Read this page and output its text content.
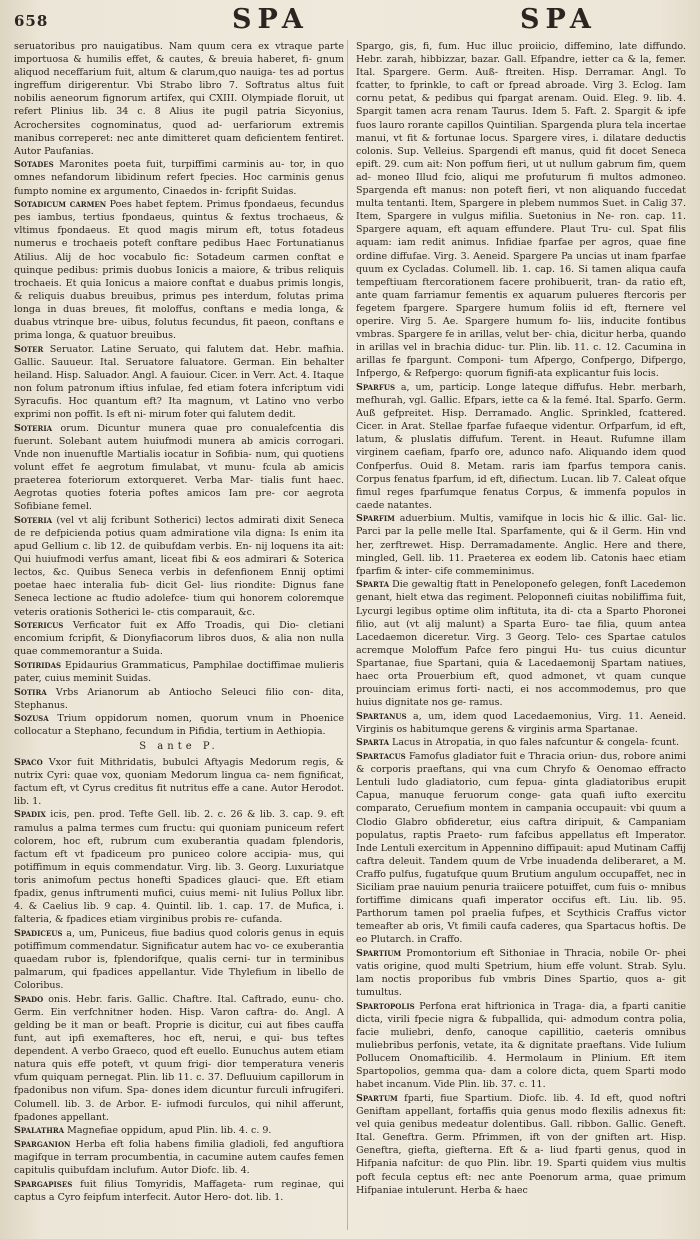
658	SPA	SPA

seruatoribus pro nauigatibus. Nam quum cera ex vtraque parte importuosa & humilis effet, & cautes, & breuia haberet, fi- gnum aliquod neceffarium fuit, altum & clarum,quo nauiga- tes ad portus ingreffum dirigerentur. Vbi Strabo libro 7. Softratus altus fuit nobilis aeneorum fignorum artifex, qui CXIII. Olympiade floruit, ut refert Plinius lib. 34 c. 8 Alius ite pugil patria Sicyonius, Acrochersites cognominatus, quod ad- uerfariorum extremis manibus correperet: nec ante dimitteret quam deficientem fentiret. Autor Paufanias.

Sotades Maronites poeta fuit, turpiffimi carminis au- tor, in quo omnes nefandorum libidinum refert fpecies. Hoc carminis genus fumpto nomine ex argumento, Cinaedos in- fcripfit Suidas.

Sotadicum carmen Poes habet feptem. Primus fpondaeus, fecundus pes iambus, tertius fpondaeus, quintus & fextus trochaeus, & vltimus fpondaeus. Et quod magis mirum eft, totus fotadeus numerus e trochaeis poteft conftare pedibus Haec Fortunatianus Atilius. Alij de hoc vocabulo fic: Sotadeum carmen conftat e quinque pedibus: primis duobus Ionicis a maiore, & tribus reliquis trochaeis. Et quia Ionicus a maiore conftat e duabus primis longis, & reliquis duabus breuibus, primus pes interdum, folutas prima longa in duas breues, fit moloffus, conftans e media longa, & duabus vtrinque bre- uibus, folutus fecundus, fit paeon, conftans e prima longa, & quatuor breuibus.

Soter Seruator. Latine Seruato, qui falutem dat. Hebr. mafhia. Gallic. Sauueur. Ital. Seruatore faluatore. German. Ein behalter heiland. Hisp. Saluador. Angl. A fauiour. Cicer. in Verr. Act. 4. Itaque non folum patronum iftius infulae, fed etiam foterа infcriptum vidi Syracufis. Hoc quantum eft? Ita magnum, vt Latino vno verbo exprimi non poffit. Is eft ni- mirum foter qui falutem dedit.

Soteria orum. Dicuntur munera quae pro conualefcentia dis fuerunt. Solebant autem huiufmodi munera ab amicis corrogari. Vnde non inuenuftle Martialis iocatur in Sofibia- num, qui quotiens volunt effet fe aegrotum fimulabat, vt munu- fcula ab amicis praeterea foteriorum extorqueret. Verba Mar- tialis funt haec. Aegrotas quoties foteria poftes amicos Iam pre- cor aegrota Sofibiane femel.

Soteria (vel vt alij fcribunt Sotherici) lectos admirati dixit Seneca de re defpicienda potius quam admiratione vila digna: Is enim ita apud Gellium c. lib 12. de quibufdam verbis. En- nij loquens ita ait: Qui huiufmodi verfus amant, liceat fibi & eos admirari & Soterica lectos, &c. Quibus Seneca verbis in defenfionem Ennij optimi poetae haec interalia fub- dicit Gel- lius riondite: Dignus fane Seneca lectione ac ftudio adolefce- tium qui honorem coloremque veteris orationis Sotherici le- ctis comparauit, &c.

Sotericus Verficator fuit ex Affo Troadis, qui Dio- cletiani encomium fcripfit, & Dionyfiacorum libros duos, & alia non nulla quae commemorantur a Suida.

Sotiridas Epidaurius Grammaticus, Pamphilae doctiffimae mulieris pater, cuius meminit Suidas.

Sotira Vrbs Arianorum ab Antiocho Seleuci filio con- dita, Stephanus.

Sozusa Trium oppidorum nomen, quorum vnum in Phoenice collocatur a Stephano, fecundum in Pifidia, tertium in Aethiopia.

S ante P.

Spaco Vxor fuit Mithridatis, bubulci Aftyagis Medorum regis, & nutrix Cyri: quae vox, quoniam Medorum lingua ca- nem fignificat, factum eft, vt Cyrus creditus fit nutritus effe a cane. Autor Herodot. lib. 1.

Spadix icis, pen. prod. Tefte Gell. lib. 2. c. 26 & lib. 3. cap. 9. eft ramulus a palma termes cum fructu: qui quoniam puniceum refert colorem, hoc eft, rubrum cum exuberantia quadam fplendoris, factum eft vt fpadiceum pro puniceo colore accipia- mus, qui potiffimum in equis commendatur. Virg. lib. 3. Georg. Luxuriatque toris animofum pectus honefti Spadices glauci- que. Eft etiam fpadix, genus inftrumenti mufici, cuius memi- nit Iulius Pollux libr. 4. & Caelius lib. 9 cap. 4. Quintil. lib. 1. cap. 17. de Mufica, i. falteria, & fpadices etiam virginibus probis re- cufanda.

Spadiceus a, um, Puniceus, fiue badius quod coloris genus in equis potiffimum commendatur. Significatur autem hac vo- ce exuberantia quaedam rubor is, fplendorifque, qualis cerni- tur in terminibus palmarum, qui fpadices appellantur. Vide Thylefium in libello de Coloribus.

Spado onis. Hebr. faris. Gallic. Chaftre. Ital. Caftrado, eunu- cho. Germ. Ein verfchnitner hoden. Hisp. Varon caftra- do. Angl. A gelding be it man or beaft. Proprie is dicitur, cui aut fibes cauffa funt, aut ipfi exemafteres, hoc eft, nerui, e qui- bus teftes dependent. A verbo Graeco, quod eft euello. Eunuchus autem etiam natura quis effe poteft, vt quum frigi- dior temperatura veneris vfum quiquam pernegat. Plin. lib 11. c. 37. Defluuium capillorum in fpadonibus non vifum. Spa- dones idem dicuntur furculi infrugiferi. Columell. lib. 3. de Arbor. E- iufmodi furculos, qui nihil afferunt, fpadones appellant.

Spalathra Magnefiae oppidum, apud Plin. lib. 4. c. 9.

Sparganion Herba eft folia habens fimilia gladioli, fed anguftiora magifque in terram procumbentia, in cacumine autem caufes femen capitulis quibufdam inclufum. Autor Diofc. lib. 4.

Spargapises fuit filius Tomyridis, Maffageta- rum reginae, qui captus a Cyro feipfum interfecit. Autor Hero- dot. lib. 1.

Spargo, gis, fi, fum. Huc illuc proiicio, diffemino, late diffundo. Hebr. zarah, hibbizzar, bazar. Gall. Efpandre, ietter ca & la, femer. Ital. Spargere. Germ. Auß- ftreiten. Hisp. Derramar. Angl. To fcatter, to fprinkle, to caft or fpread abroade. Virg 3. Eclog. Iam cornu petat, & pedibus qui fpargat arenam. Ouid. Eleg. 9. lib. 4. Spargit tamen acra renam Taurus. Idem 5. Faft. 2. Spargit & ipfe fuos lauro rorante capillos Quintilian. Spargenda plura tela incertae manui, vt fit & fortunae locus. Spargere vires, i. dilatare deductis colonis. Sup. Velleius. Spargendi eft manus, quid fit docet Seneca epift. 29. cum ait: Non poffum fieri, ut ut nullum gabrum fim, quem ad- moneo Illud fcio, aliqui me profuturum fi multos admoneo. Spargenda eft manus: non poteft fieri, vt non aliquando fuccedat multa tentanti. Item, Spargere in plebem nummos Suet. in Calig 37. Item, Spargere in vulgus mifilia. Suetonius in Ne- ron. cap. 11. Spargere aquam, eft aquam effundere. Plaut Tru- cul. Spat filis aquam: iam redit animus. Infidiae fparfae per agros, quae fine ordine diffufae. Virg. 3. Aeneid. Spargere Pa uncias ut inam fparfae quum ex Cycladas. Columell. lib. 1. cap. 16. Si tamen aliqua caufa tempeftiuam ftercorationem facere prohibuerit, tran- da ratio eft, ante quam farriamur fementis ex aquarum pulueres ftercoris per fegetem fpargere. Spargere humum foliis id eft, fternere vel operire. Virg 5. Ae. Spargere humum fo- liis, inducite fontibus vmbras. Spargere fe in arillas, velut ber- chia, dicitur herba, quando in arillas vel in brachia diduc- tur. Plin. lib. 11. c. 12. Cacumina in arillas fe fpargunt. Componi- tum Afpergo, Confpergo, Difpergo, Infpergo, & Refpergo: quorum fignifi-ata explicantur fuis locis.

Sparfus a, um, particip. Longe lateque diffufus. Hebr. merbarh, mefhurah, vgl. Gallic. Efpars, iette ca & la femé. Ital. Sparfo. Germ. Auß gefpreitet. Hisp. Derramado. Anglic. Sprinkled, fcattered. Cicer. in Arat. Stellae fparfae fufaeque videntur. Orfparfum, id eft, latum, & pluslatis diffufum. Terent. in Heaut. Rufumne illam virginem caefiam, fparfo ore, adunco nafo. Aliquando idem quod Confperfus. Ouid 8. Metam. raris iam fparfus tempora canis. Corpus fenatus fparfum, id eft, difiectum. Lucan. lib 7. Caleat ofque fimul reges fparfumque fenatus Corpus, & immenfa populos in caede natantes.

Sparfim aduerbium. Multis, vamifque in locis hic & illic. Gal- lic. Parci par la pelle melle Ital. Sparfamente, qui & il Germ. Hin vnd her, zerftrewet. Hisp. Derramadamente. Anglic. Here and there, mingled, Gell. lib. 11. Praeterea ex eodem lib. Catonis haec etiam fparfim & inter- cife commeminimus.

Sparta Die gewaltig ftatt in Peneloponefo gelegen, fonft Lacedemon genant, hielt etwa das regiment. Peloponnefi ciuitas nobiliffima fuit, Lycurgi legibus optime olim inftituta, ita di- cta a Sparto Phoronei filio, aut (vt alij malunt) a Sparta Euro- tae filia, quum antea Lacedaemon diceretur. Virg. 3 Georg. Telo- ces Spartae catulos acremque Moloffum Pafce fero pingui Hu- tus cuius dicuntur Spartanae, fiue Spartani, quia & Lacedaemonij Spartam natiues, haec orta Prouerbium eft, quod admonet, vt quam cunque prouinciam erimus forti- nacti, ei nos accommodemus, pro que huius dignitate nos ge- ramus.

Spartanus a, um, idem quod Lacedaemonius, Virg. 11. Aeneid. Virginis os habitumque gerens & virginis arma Spartanae.

Sparta Lacus in Atropatia, in quo fales nafcuntur & congela- fcunt.

Spartacus Famofus gladiator fuit e Thracia oriun- dus, robore animi & corporis praeftans, qui vna cum Chryfo & Oenomao effracto Lentuli ludo gladiatorio, cum fepua- ginta gladiatoribus erupit Capua, manuque feruorum conge- gata quafi iufto exercitu comparato, Ceruefium montem in campania occupauit: vbi quum a Clodio Glabro obfideretur, eius caftra diripuit, & Campaniam populatus, raptis Praeto- rum fafcibus appellatus eft Imperator. Inde Lentuli exercitum in Appennino diffipauit: apud Mutinam Caffij caftra deleuit. Tandem quum de Vrbe inuadenda deliberaret, a M. Craffo pulfus, fugatufque quum Brutium angulum occupaffet, nec in Siciliam prae nauium penuria traiicere potuiffet, cum fuis o- mnibus fortiffime dimicans quafi imperator occifus eft. Liu. lib. 95. Parthorum tamen pol praelia fufpes, et Scythicis Craffus victor temeafter ab oris, Vt fimili caufa caderes, qua Spartacus hoftis. De eo Plutarch. in Craffo.

Spartium Promontorium eft Sithoniae in Thracia, nobile Or- phei vatis origine, quod multi Spetrium, hium effe volunt. Strab. Sylu. lam noctis proporibus fub vmbris Dines Spartio, quos a- git tumultus.

Spartopolis Perfona erat hiftrionica in Traga- dia, a fparti canitie dicta, virili fpecie nigra & fubpallida, qui- admodum contra polia, facie muliebri, denfo, canoque capillitio, caeteris omnibus muliebribus perfonis, vetate, ita & dignitate praeftans. Vide Iulium Pollucem Onomafticilib. 4. Hermolaum in Plinium. Eft item Spartopolios, gemma qua- dam a colore dicta, quem Sparti modo habet incanum. Vide Plin. lib. 37. c. 11.

Spartum fparti, fiue Spartium. Diofc. lib. 4. Id eft, quod noftri Geniftam appellant, fortaffis quia genus modo flexilis adnexus fit: vel quia genibus medeatur dolentibus. Gall. ribbon. Gallic. Geneft. Ital. Geneftra. Germ. Pfrimmen, ift von der gniften art. Hisp. Geneftra, giefta, giefterna. Eft & a- liud fparti genus, quod in Hifpania nafcitur: de quo Plin. libr. 19. Sparti quidem vius multis poft fecula ceptus eft: nec ante Poenorum arma, quae primum Hifpaniae intulerunt. Herba & haec
